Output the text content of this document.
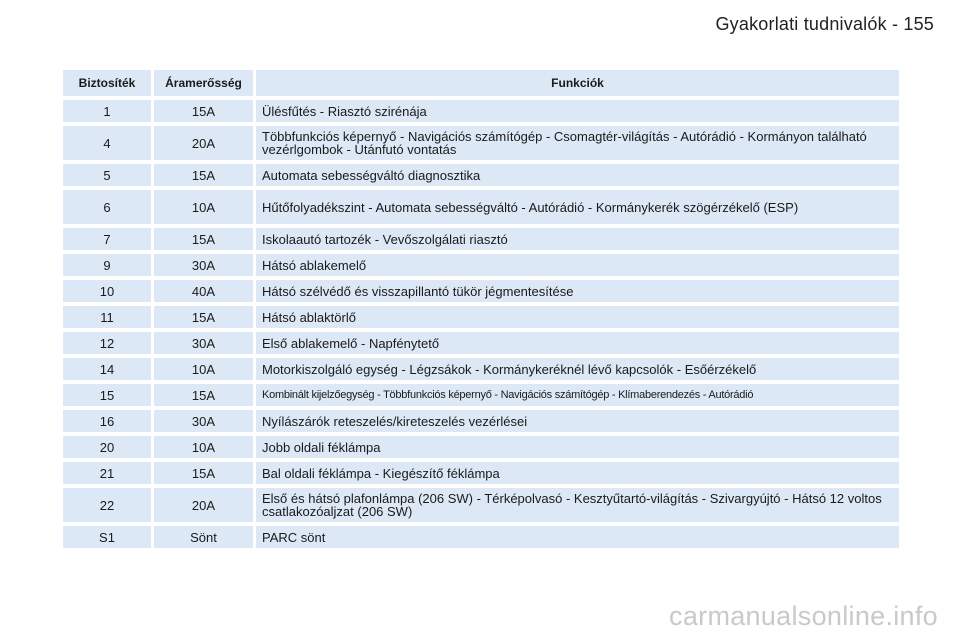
Gyakorlati tudnivalók - 155
Biztosíték	Áramerősség	Funkciók
1	15A	Ülésfűtés - Riasztó szirénája
4	20A	Többfunkciós képernyő - Navigációs számítógép - Csomagtér-világítás - Autórádió - Kormányon található vezérlgombok - Utánfutó vontatás
5	15A	Automata sebességváltó diagnosztika
6	10A	Hűtőfolyadékszint - Automata sebességváltó - Autórádió - Kormánykerék szögérzékelő (ESP)
7	15A	Iskolaautó tartozék - Vevőszolgálati riasztó
9	30A	Hátsó ablakemelő
10	40A	Hátsó szélvédő és visszapillantó tükör jégmentesítése
11	15A	Hátsó ablaktörlő
12	30A	Első ablakemelő - Napfénytető
14	10A	Motorkiszolgáló egység - Légzsákok - Kormánykeréknél lévő kapcsolók - Esőérzékelő
15	15A	Kombinált kijelzőegység - Többfunkciós képernyő - Navigációs számítógép - Klímaberendezés - Autórádió
16	30A	Nyílászárók reteszelés/kireteszelés vezérlései
20	10A	Jobb oldali féklámpa
21	15A	Bal oldali féklámpa - Kiegészítő féklámpa
22	20A	Első és hátsó plafonlámpa (206 SW) - Térképolvasó - Kesztyűtartó-világítás - Szivargyújtó - Hátsó 12 voltos csatlakozóaljzat (206 SW)
S1	Sönt	PARC sönt
carmanualsonline.info
